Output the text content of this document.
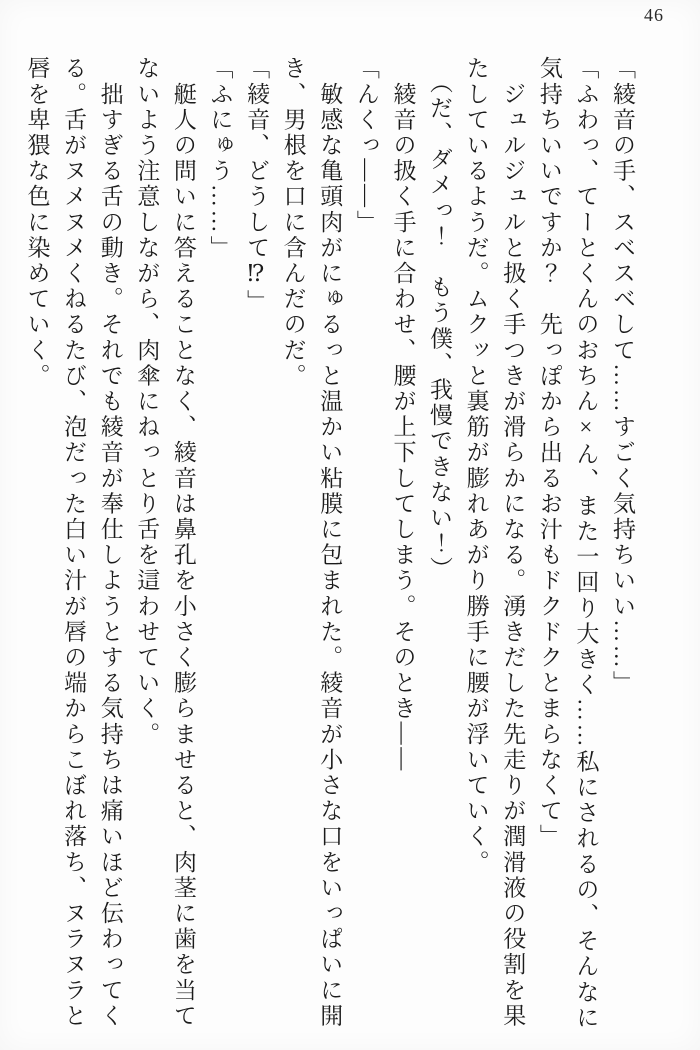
46

「綾音の手、スベスベして……すごく気持ちいい……」

「ふわっ、てーとくんのおちん×ん、また一回り大きく……私にされるの、そんなに気持ちいいですか？　先っぽから出るお汁もドクドクとまらなくて」

　ジュルジュルと扱く手つきが滑らかになる。湧きだした先走りが潤滑液の役割を果たしているようだ。ムクッと裏筋が膨れあがり勝手に腰が浮いていく。

　（だ、ダメっ！　もう僕、我慢できない！）

　綾音の扱く手に合わせ、腰が上下してしまう。そのとき――

「んくっ――」

　敏感な亀頭肉がにゅるっと温かい粘膜に包まれた。綾音が小さな口をいっぱいに開き、男根を口に含んだのだ。

「綾音、どうして⁉」

「ふにゅう……」

　艇人の問いに答えることなく、綾音は鼻孔を小さく膨らませると、肉茎に歯を当てないよう注意しながら、肉傘にねっとり舌を這わせていく。

　拙すぎる舌の動き。それでも綾音が奉仕しようとする気持ちは痛いほど伝わってくる。舌がヌメヌメくねるたび、泡だった白い汁が唇の端からこぼれ落ち、ヌラヌラと唇を卑猥な色に染めていく。
